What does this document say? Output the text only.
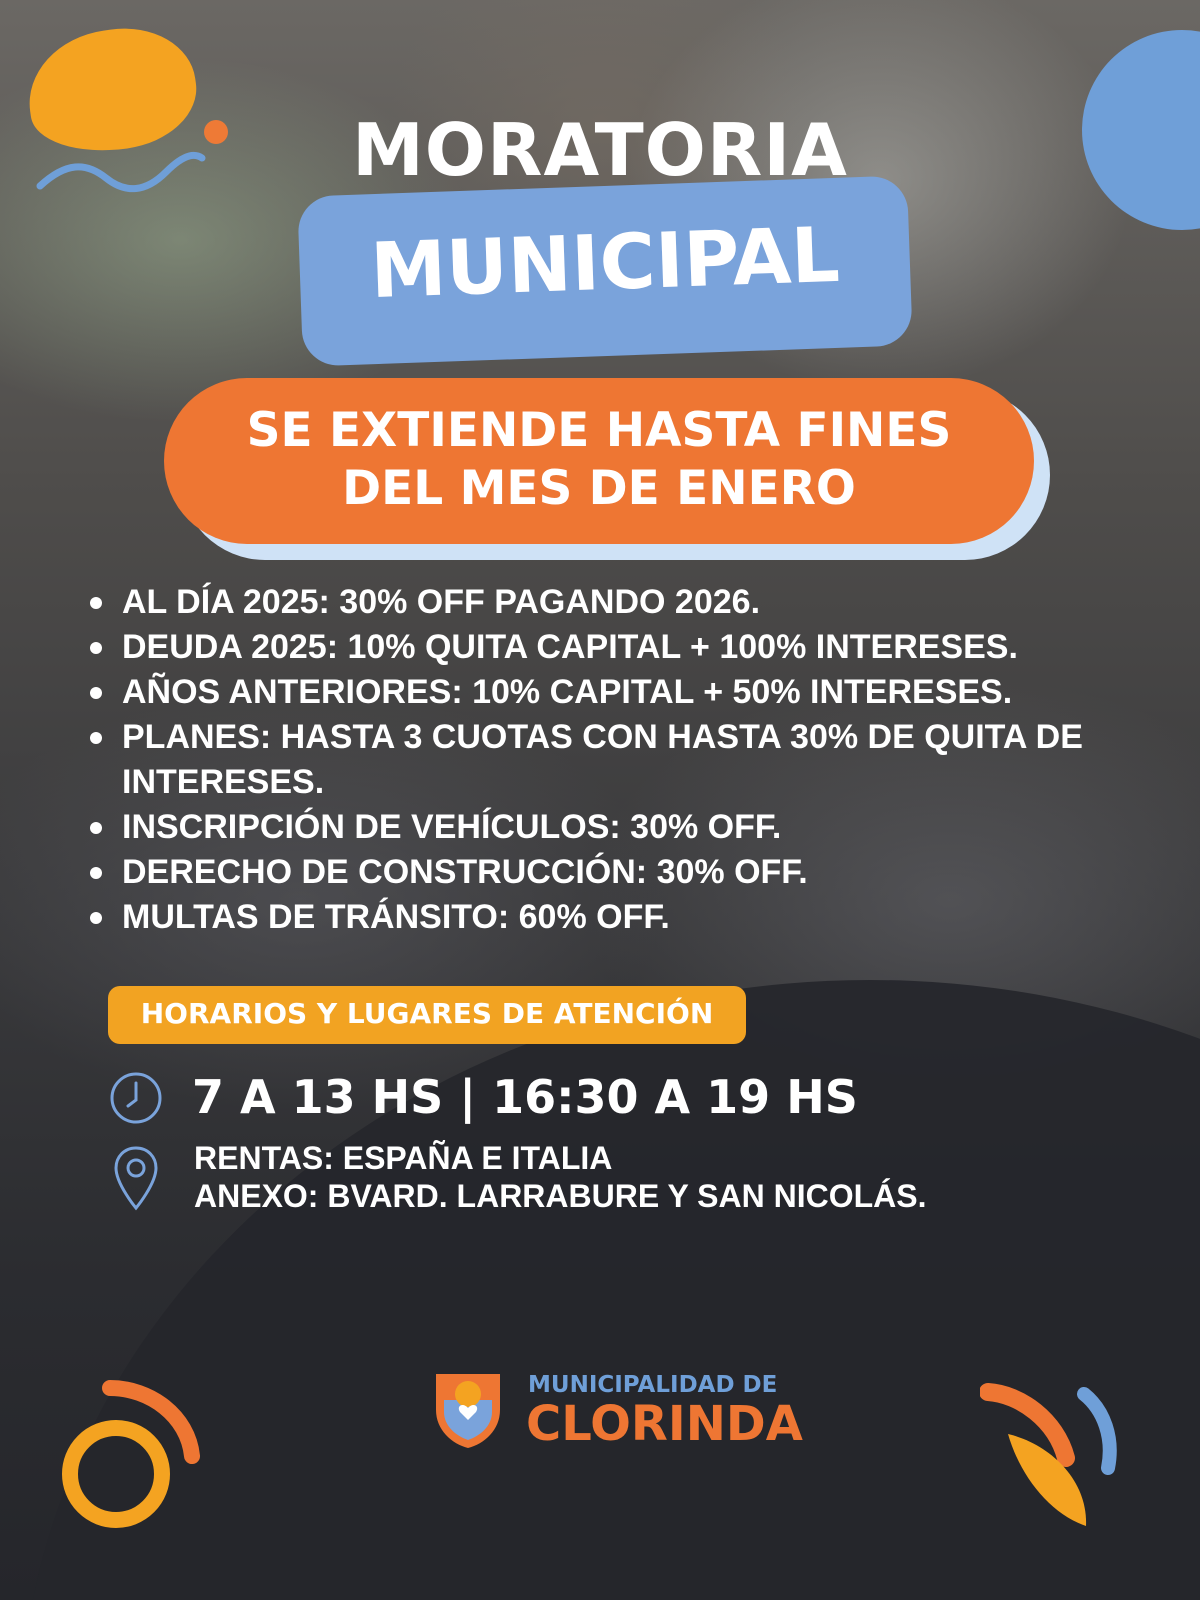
MORATORIA
MUNICIPAL
SE EXTIENDE HASTA FINES
DEL MES DE ENERO
AL DÍA 2025: 30% OFF PAGANDO 2026.
DEUDA 2025: 10% QUITA CAPITAL + 100% INTERESES.
AÑOS ANTERIORES: 10% CAPITAL + 50% INTERESES.
PLANES: HASTA 3 CUOTAS CON HASTA 30% DE QUITA DE INTERESES.
INSCRIPCIÓN DE VEHÍCULOS: 30% OFF.
DERECHO DE CONSTRUCCIÓN: 30% OFF.
MULTAS DE TRÁNSITO: 60% OFF.
HORARIOS Y LUGARES DE ATENCIÓN
7 A 13 HS | 16:30 A 19 HS
RENTAS: ESPAÑA E ITALIA
ANEXO: BVARD. LARRABURE Y SAN NICOLÁS.
MUNICIPALIDAD DE
CLORINDA
